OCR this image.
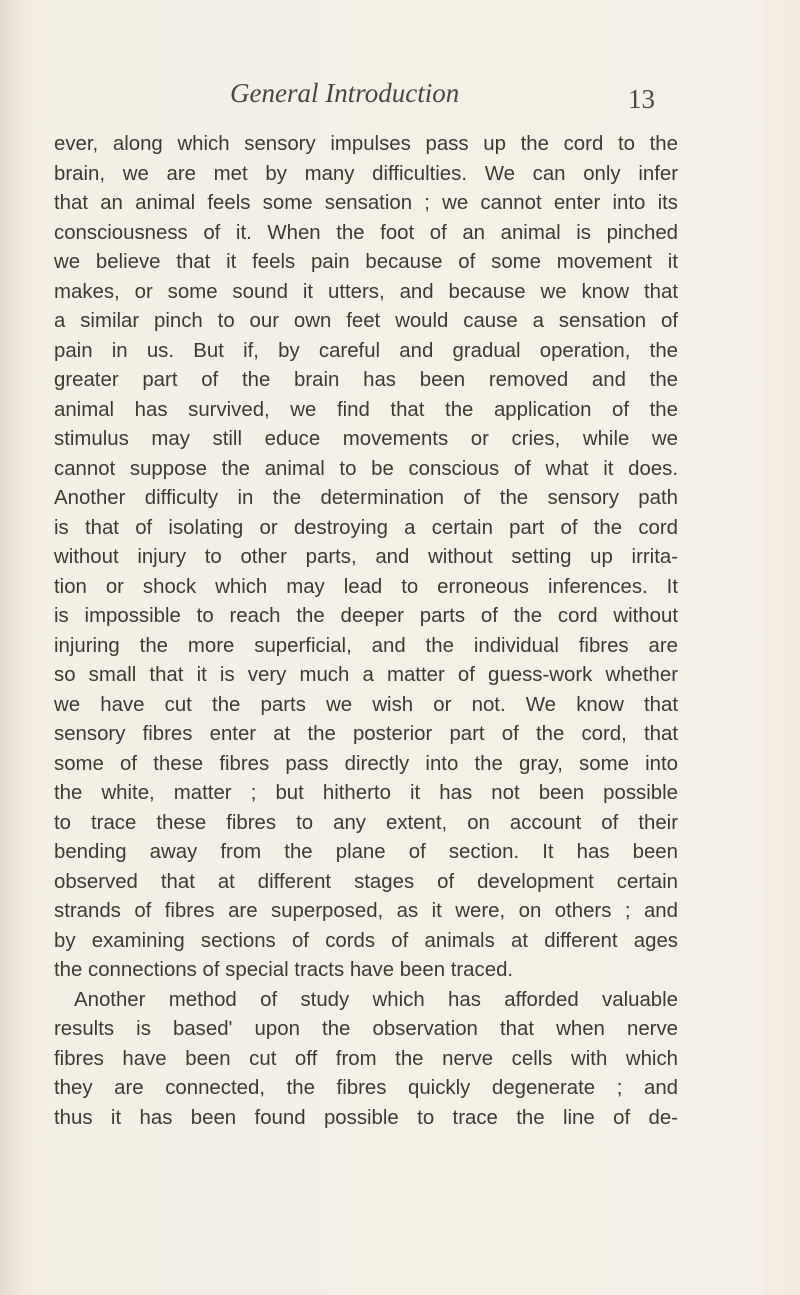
General Introduction	13
ever, along which sensory impulses pass up the cord to the
brain, we are met by many difficulties. We can only infer
that an animal feels some sensation ; we cannot enter into its
consciousness of it. When the foot of an animal is pinched
we believe that it feels pain because of some movement it
makes, or some sound it utters, and because we know that
a similar pinch to our own feet would cause a sensation of
pain in us. But if, by careful and gradual operation, the
greater part of the brain has been removed and the
animal has survived, we find that the application of the
stimulus may still educe movements or cries, while we
cannot suppose the animal to be conscious of what it does.
Another difficulty in the determination of the sensory path
is that of isolating or destroying a certain part of the cord
without injury to other parts, and without setting up irrita-
tion or shock which may lead to erroneous inferences. It
is impossible to reach the deeper parts of the cord without
injuring the more superficial, and the individual fibres are
so small that it is very much a matter of guess-work whether
we have cut the parts we wish or not. We know that
sensory fibres enter at the posterior part of the cord, that
some of these fibres pass directly into the gray, some into
the white, matter ; but hitherto it has not been possible
to trace these fibres to any extent, on account of their
bending away from the plane of section. It has been
observed that at different stages of development certain
strands of fibres are superposed, as it were, on others ; and
by examining sections of cords of animals at different ages
the connections of special tracts have been traced.
Another method of study which has afforded valuable
results is based' upon the observation that when nerve
fibres have been cut off from the nerve cells with which
they are connected, the fibres quickly degenerate ; and
thus it has been found possible to trace the line of de-
